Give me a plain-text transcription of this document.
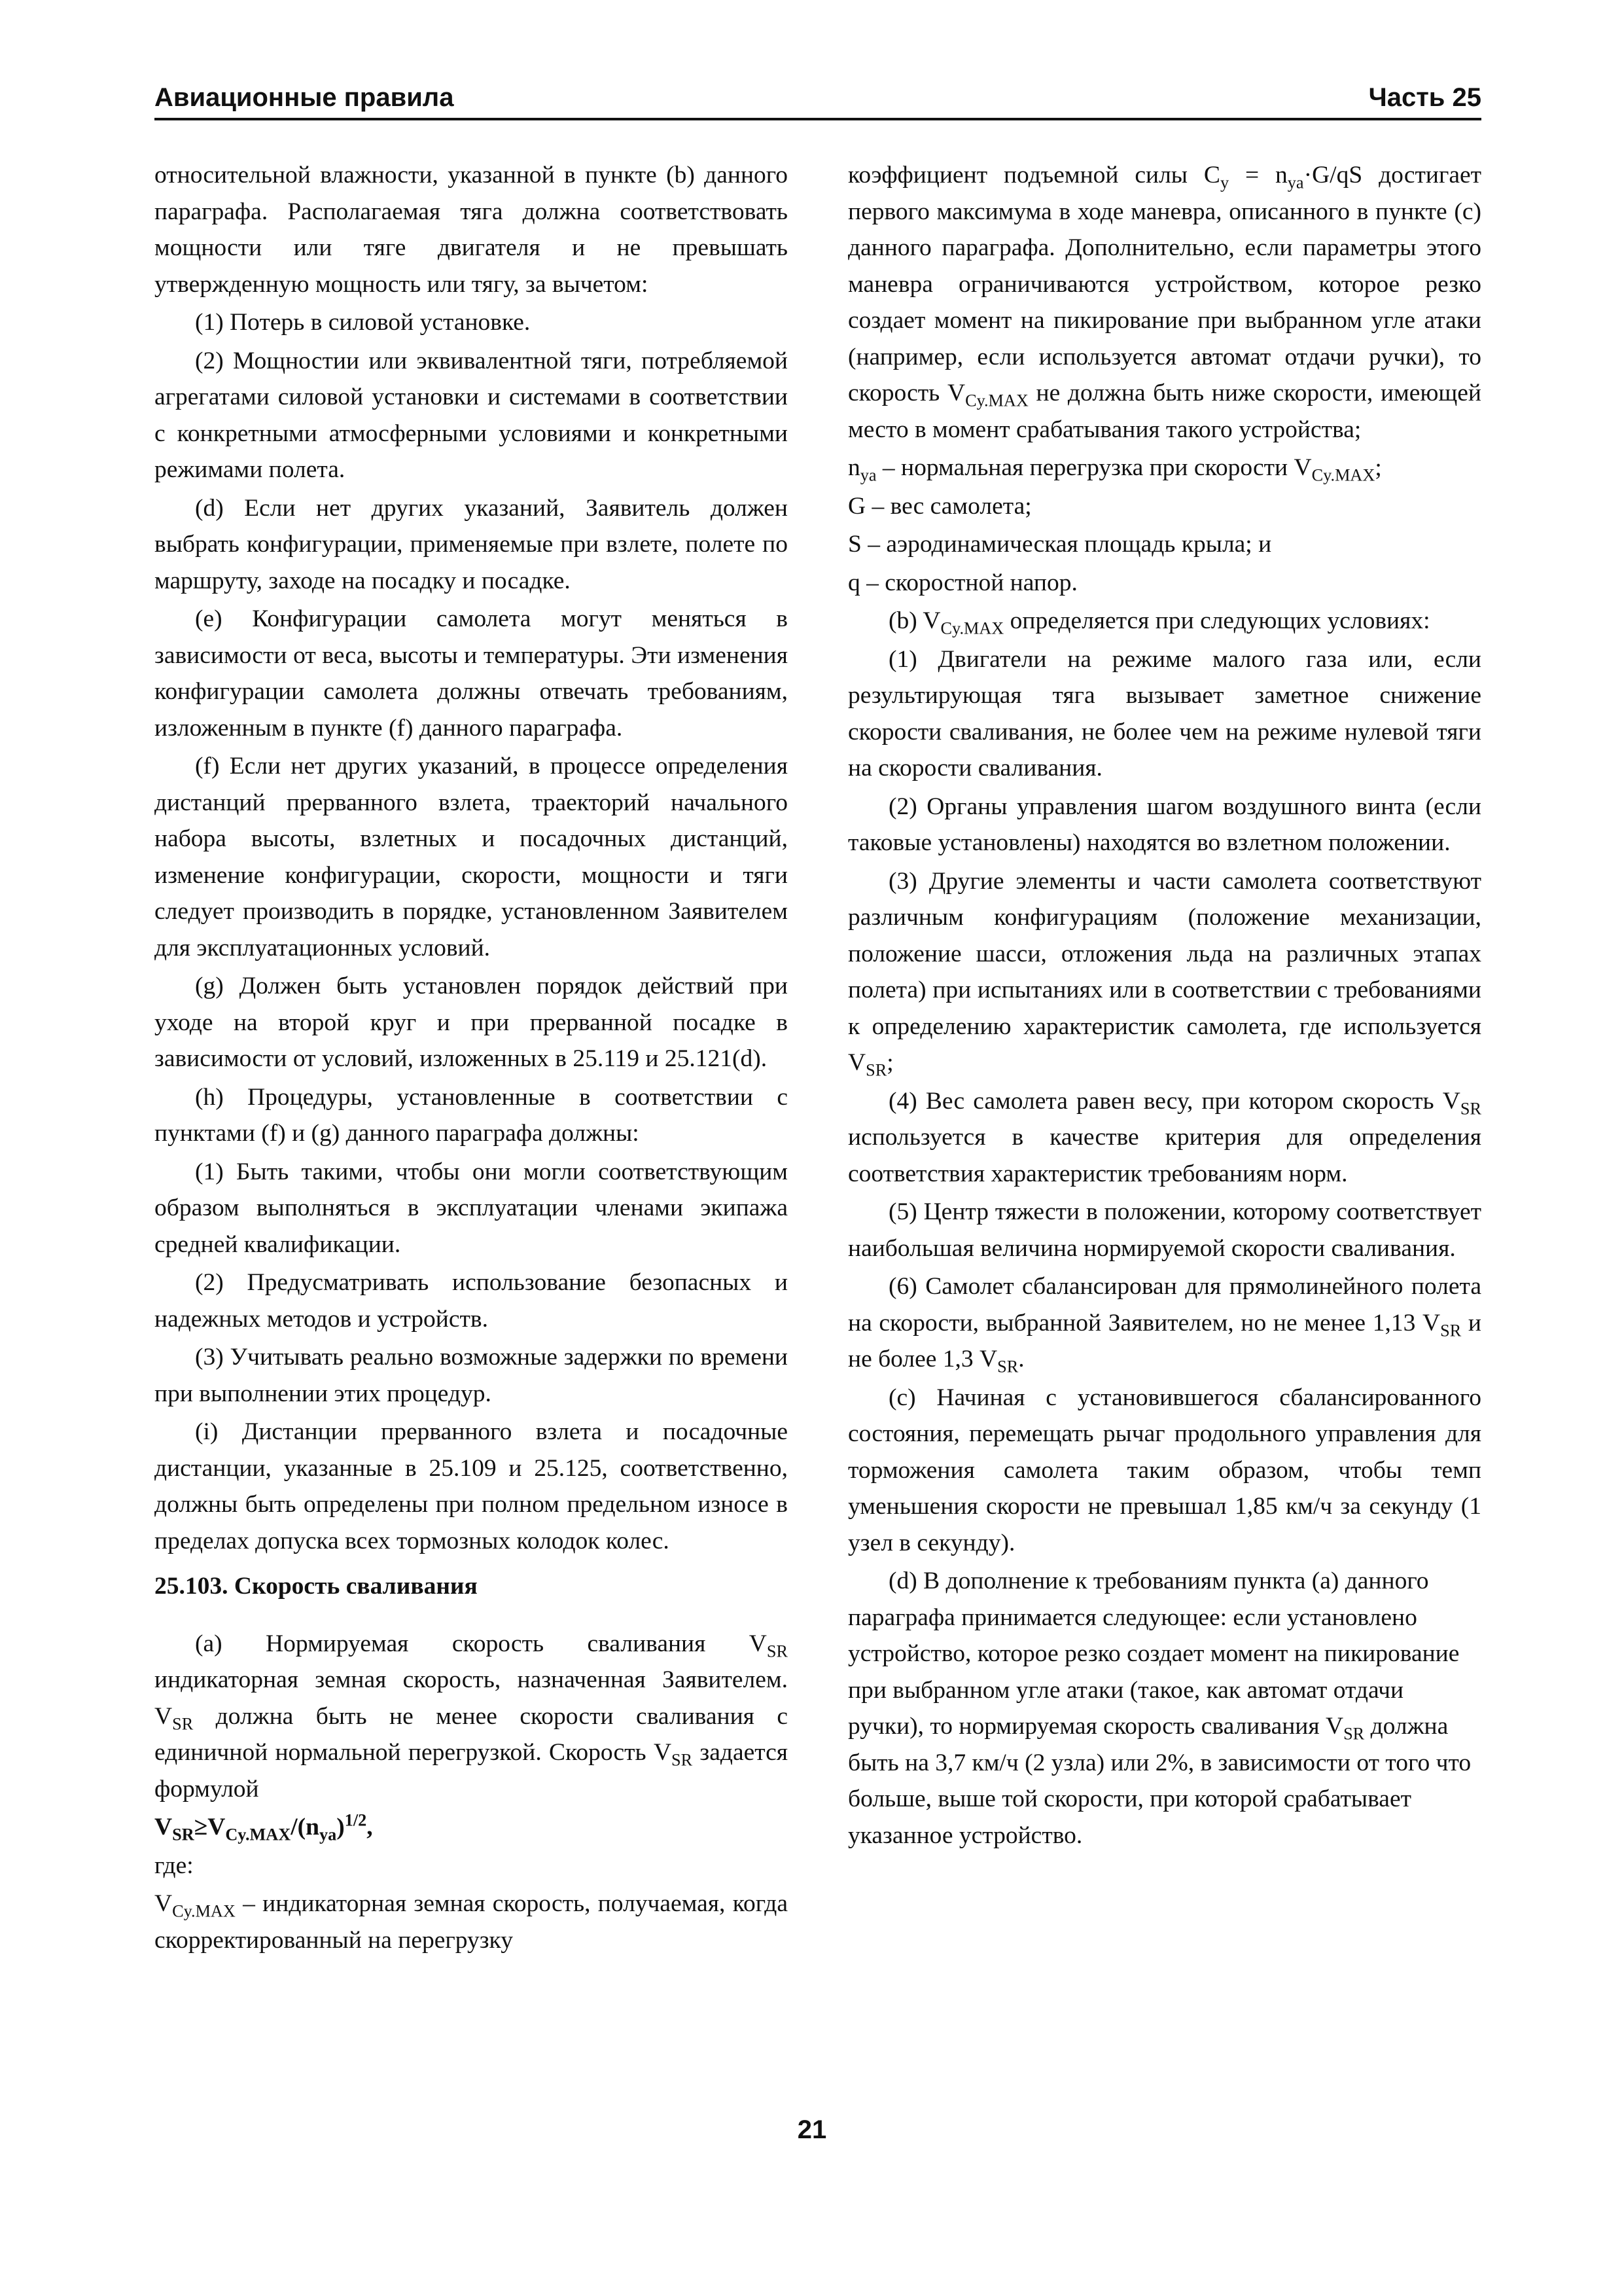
Авиационные правила	Часть 25

относительной влажности, указанной в пункте (b) данного параграфа. Располагаемая тяга должна соответствовать мощности или тяге двигателя и не превышать утвержденную мощность или тягу, за вычетом:

(1) Потерь в силовой установке.

(2) Мощностии или эквивалентной тяги, потребляемой агрегатами силовой установки и системами в соответствии с конкретными атмосферными условиями и конкретными режимами полета.

(d) Если нет других указаний, Заявитель должен выбрать конфигурации, применяемые при взлете, полете по маршруту, заходе на посадку и посадке.

(e) Конфигурации самолета могут меняться в зависимости от веса, высоты и температуры. Эти изменения конфигурации самолета должны отвечать требованиям, изложенным в пункте (f) данного параграфа.

(f) Если нет других указаний, в процессе определения дистанций прерванного взлета, траекторий начального набора высоты, взлетных и посадочных дистанций, изменение конфигурации, скорости, мощности и тяги следует производить в порядке, установленном Заявителем для эксплуатационных условий.

(g) Должен быть установлен порядок действий при уходе на второй круг и при прерванной посадке в зависимости от условий, изложенных в 25.119 и 25.121(d).

(h) Процедуры, установленные в соответствии с пунктами (f) и (g) данного параграфа должны:

(1) Быть такими, чтобы они могли соответствующим образом выполняться в эксплуатации членами экипажа средней квалификации.

(2) Предусматривать использование безопасных и надежных методов и устройств.

(3) Учитывать реально возможные задержки по времени при выполнении этих процедур.

(i) Дистанции прерванного взлета и посадочные дистанции, указанные в 25.109 и 25.125, соответственно, должны быть определены при полном предельном износе в пределах допуска всех тормозных колодок колес.

25.103. Скорость сваливания

(a) Нормируемая скорость сваливания $V_{SR}$ индикаторная земная скорость, назначенная Заявителем. $V_{SR}$ должна быть не менее скорости сваливания с единичной нормальной перегрузкой. Скорость $V_{SR}$ задается формулой

$V_{SR}\ge V_{Cy.MAX}/(n_{ya})^{1/2}$,

где:

$V_{Cy.MAX}$ – индикаторная земная скорость, получаемая, когда скорректированный на перегрузку

коэффициент подъемной силы $C_y = n_{ya}\cdot G/qS$ достигает первого максимума в ходе маневра, описанного в пункте (c) данного параграфа. Дополнительно, если параметры этого маневра ограничиваются устройством, которое резко создает момент на пикирование при выбранном угле атаки (например, если используется автомат отдачи ручки), то скорость $V_{Cy.MAX}$ не должна быть ниже скорости, имеющей место в момент срабатывания такого устройства;

$n_{ya}$ – нормальная перегрузка при скорости $V_{Cy.MAX}$;

G – вес самолета;

S – аэродинамическая площадь крыла; и

q – скоростной напор.

(b) $V_{Cy.MAX}$ определяется при следующих условиях:

(1) Двигатели на режиме малого газа или, если результирующая тяга вызывает заметное снижение скорости сваливания, не более чем на режиме нулевой тяги на скорости сваливания.

(2) Органы управления шагом воздушного винта (если таковые установлены) находятся во взлетном положении.

(3) Другие элементы и части самолета соответствуют различным конфигурациям (положение механизации, положение шасси, отложения льда на различных этапах полета) при испытаниях или в соответствии с требованиями к определению характеристик самолета, где используется $V_{SR}$;

(4) Вес самолета равен весу, при котором скорость $V_{SR}$ используется в качестве критерия для определения соответствия характеристик требованиям норм.

(5) Центр тяжести в положении, которому соответствует наибольшая величина нормируемой скорости сваливания.

(6) Самолет сбалансирован для прямолинейного полета на скорости, выбранной Заявителем, но не менее 1,13 $V_{SR}$ и не более 1,3 $V_{SR}$.

(c) Начиная с установившегося сбалансированного состояния, перемещать рычаг продольного управления для торможения самолета таким образом, чтобы темп уменьшения скорости не превышал 1,85 км/ч за секунду (1 узел в секунду).

(d) В дополнение к требованиям пункта (а) данного параграфа принимается следующее: если установлено устройство, которое резко создает момент на пикирование при выбранном угле атаки (такое, как автомат отдачи ручки), то нормируемая скорость сваливания $V_{SR}$ должна быть на 3,7 км/ч (2 узла) или 2%, в зависимости от того что больше, выше той скорости, при которой срабатывает указанное устройство.

21
